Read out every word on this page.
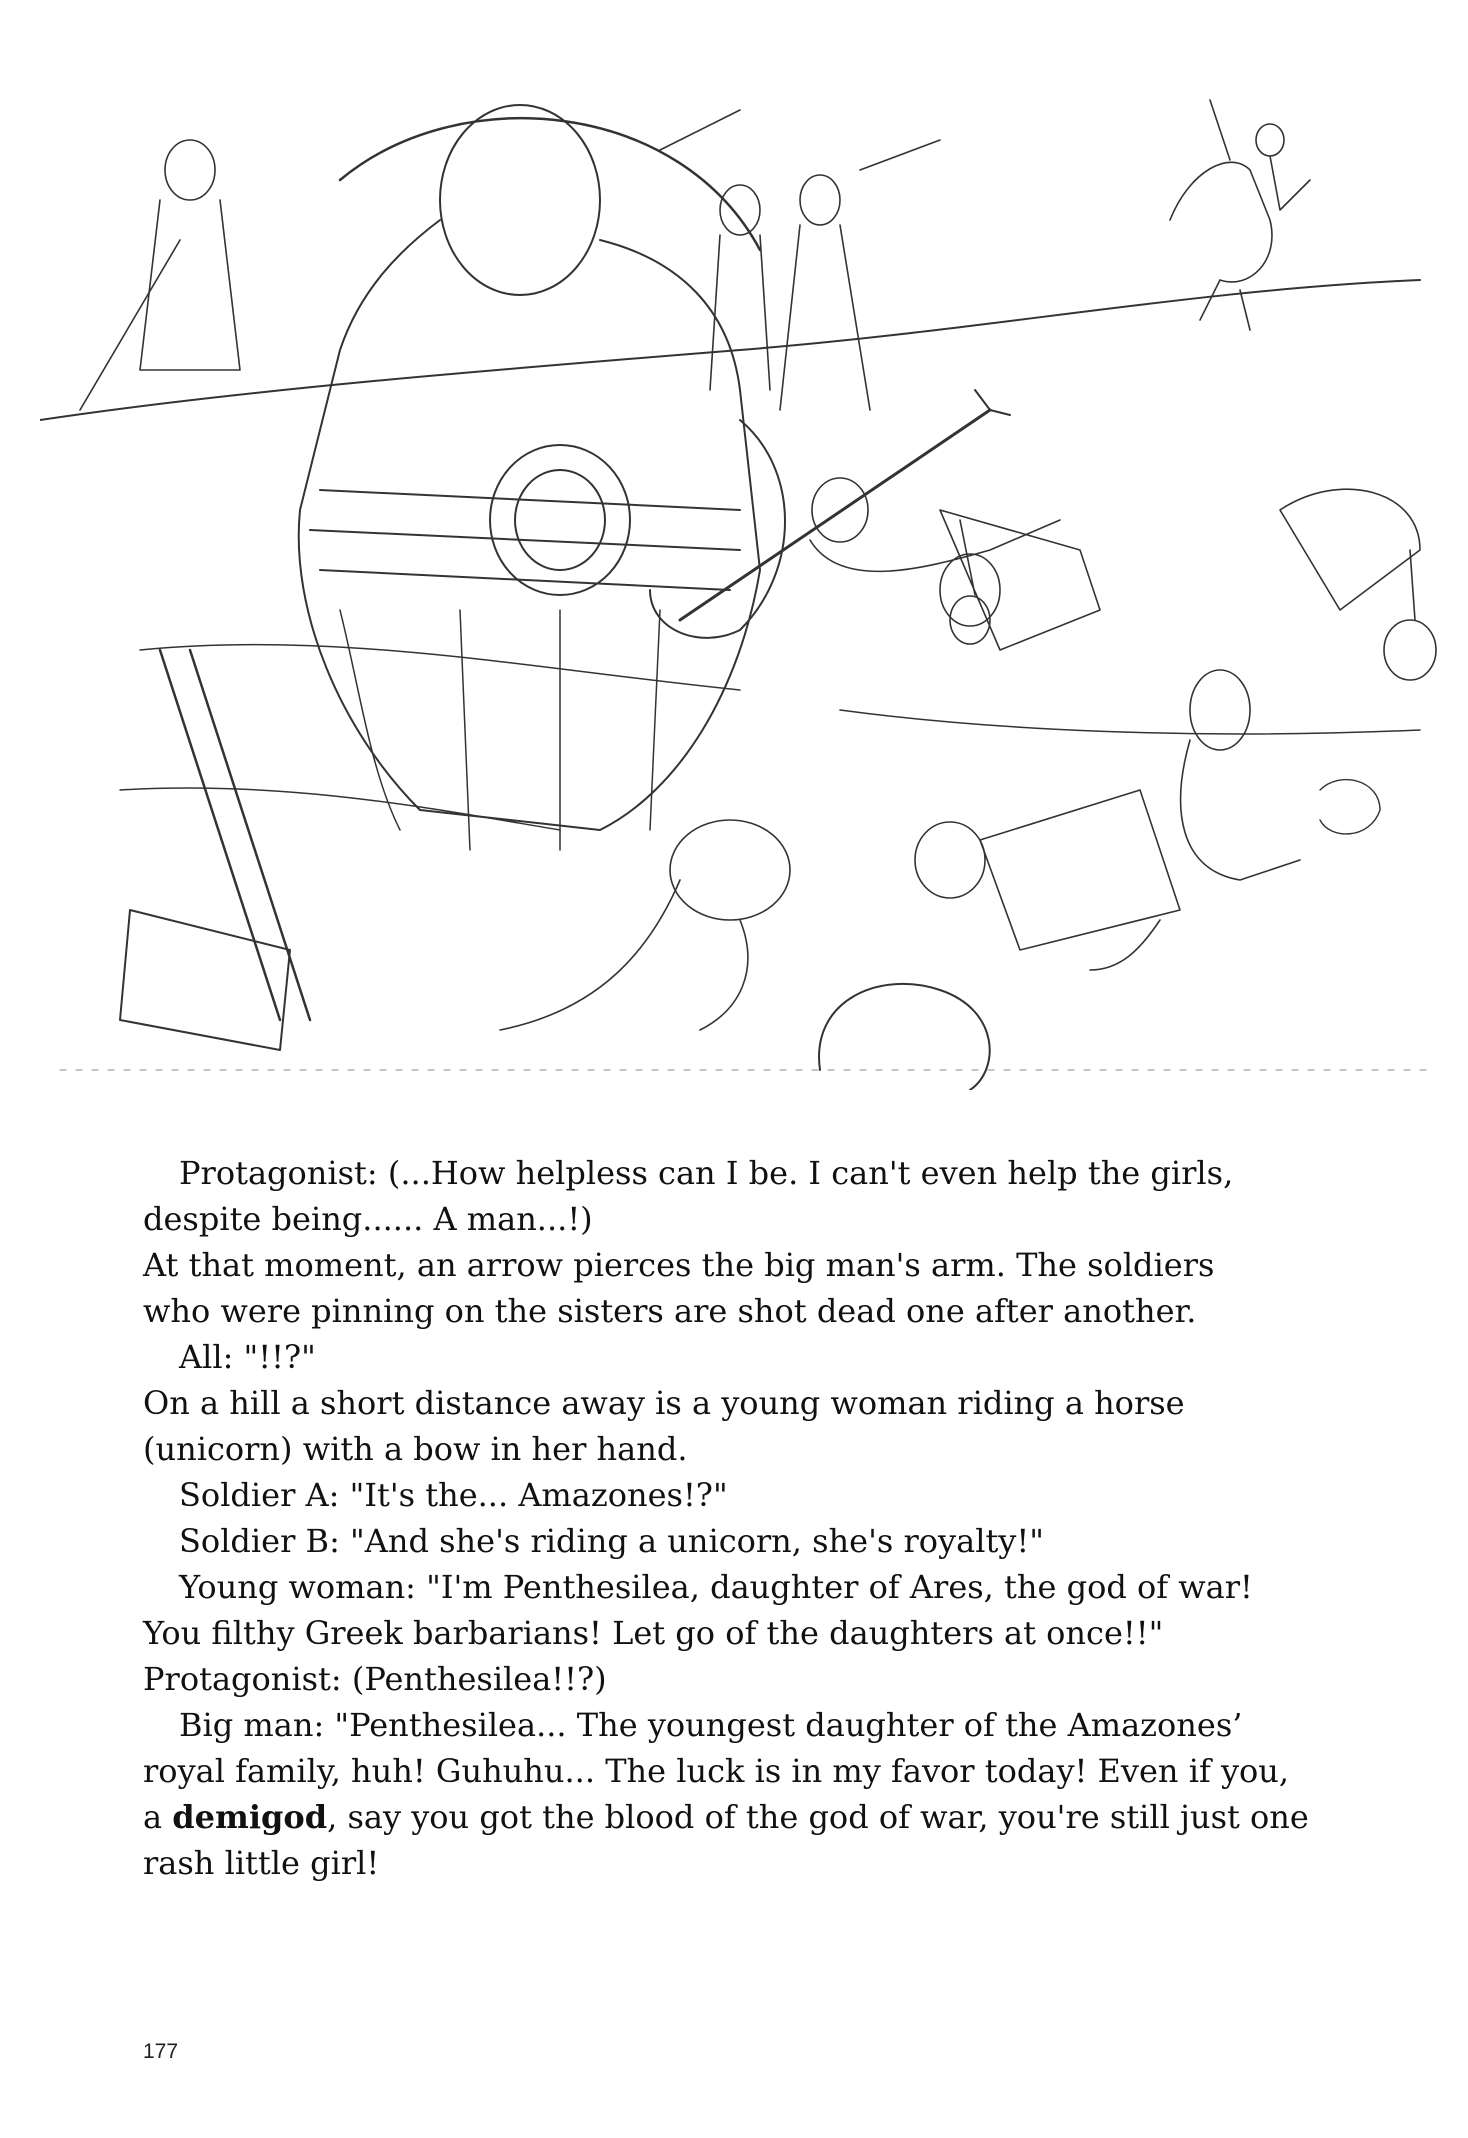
Protagonist: (...How helpless can I be. I can't even help the girls,

despite being...... A man...!)

At that moment, an arrow pierces the big man's arm. The soldiers

who were pinning on the sisters are shot dead one after another.

All: "!!?"

On a hill a short distance away is a young woman riding a horse

(unicorn) with a bow in her hand.

Soldier A: "It's the... Amazones!?"

Soldier B: "And she's riding a unicorn, she's royalty!"

Young woman: "I'm Penthesilea, daughter of Ares, the god of war!

You filthy Greek barbarians! Let go of the daughters at once!!"

Protagonist: (Penthesilea!!?)

Big man: "Penthesilea... The youngest daughter of the Amazones’

royal family, huh! Guhuhu... The luck is in my favor today! Even if you,

a demigod, say you got the blood of the god of war, you're still just one

rash little girl!

177
